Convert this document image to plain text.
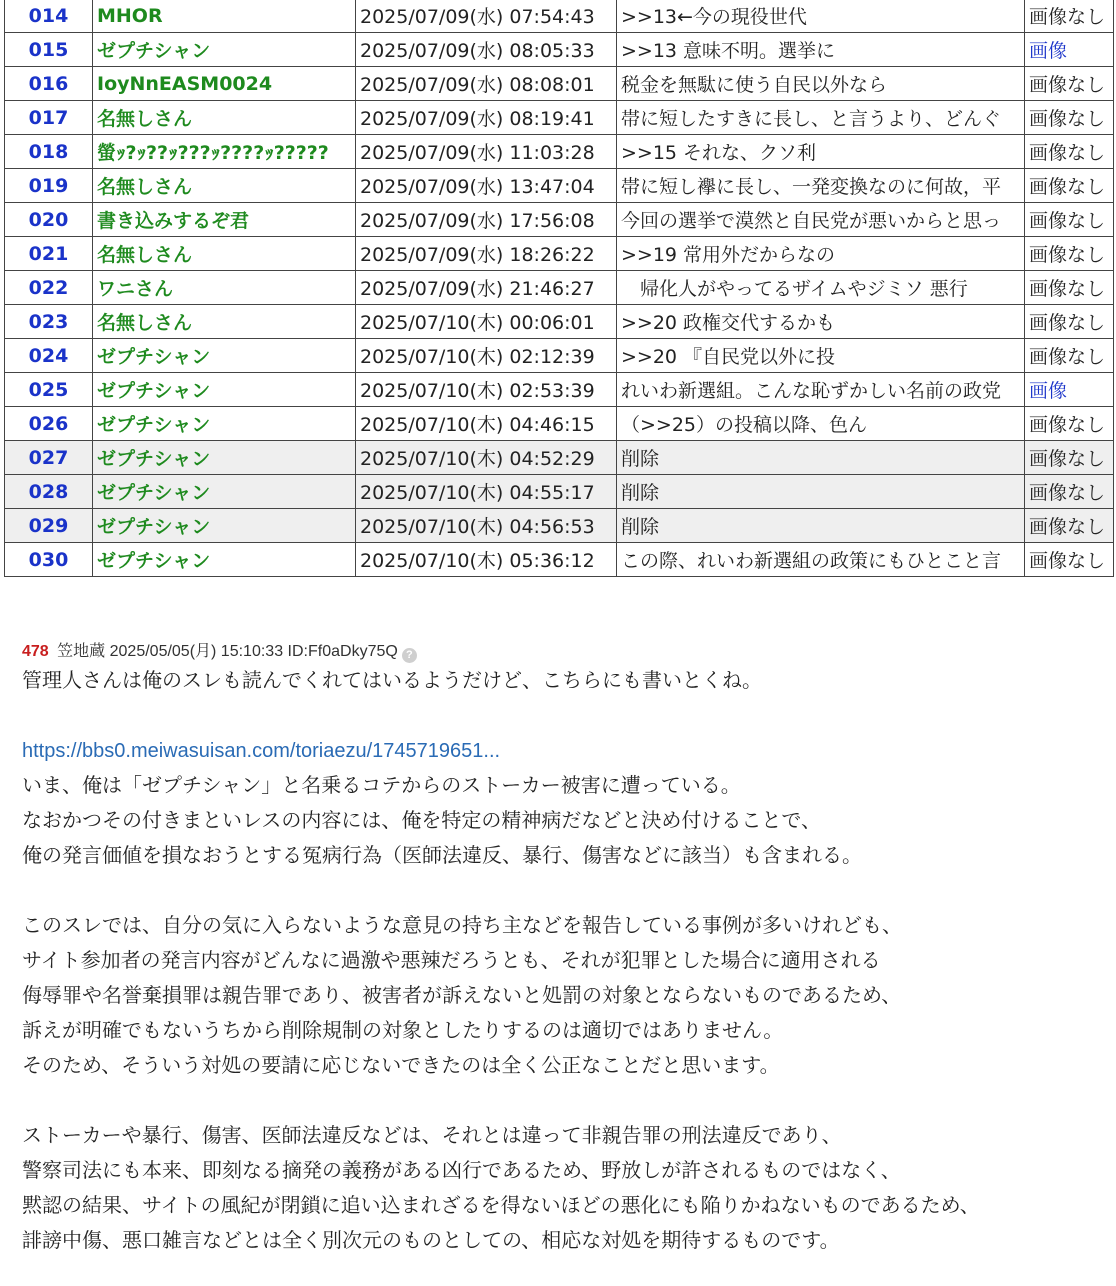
014	MHOR	2025/07/09(水) 07:54:43	>>13←今の現役世代	画像なし
015	ゼプチシャン	2025/07/09(水) 08:05:33	>>13 意味不明。選挙に	画像
016	IoyNnEASM0024	2025/07/09(水) 08:08:01	税金を無駄に使う自民以外なら	画像なし
017	名無しさん	2025/07/09(水) 08:19:41	帯に短したすきに長し、と言うより、どんぐ	画像なし
018	螢ｯ?ｯ??ｯ???ｯ????ｯ?????	2025/07/09(水) 11:03:28	>>15 それな、クソ利	画像なし
019	名無しさん	2025/07/09(水) 13:47:04	帯に短し襷に長し、一発変換なのに何故，平	画像なし
020	書き込みするぞ君	2025/07/09(水) 17:56:08	今回の選挙で漠然と自民党が悪いからと思っ	画像なし
021	名無しさん	2025/07/09(水) 18:26:22	>>19 常用外だからなの	画像なし
022	ワニさん	2025/07/09(水) 21:46:27	　帰化人がやってるザイムやジミソ 悪行	画像なし
023	名無しさん	2025/07/10(木) 00:06:01	>>20 政権交代するかも	画像なし
024	ゼプチシャン	2025/07/10(木) 02:12:39	>>20 『自民党以外に投	画像なし
025	ゼプチシャン	2025/07/10(木) 02:53:39	れいわ新選組。こんな恥ずかしい名前の政党	画像
026	ゼプチシャン	2025/07/10(木) 04:46:15	（>>25）の投稿以降、色ん	画像なし
027	ゼプチシャン	2025/07/10(木) 04:52:29	削除	画像なし
028	ゼプチシャン	2025/07/10(木) 04:55:17	削除	画像なし
029	ゼプチシャン	2025/07/10(木) 04:56:53	削除	画像なし
030	ゼプチシャン	2025/07/10(木) 05:36:12	この際、れいわ新選組の政策にもひとこと言	画像なし
478 笠地蔵 2025/05/05(月) 15:10:33 ID:Ff0aDky75Q ?
管理人さんは俺のスレも読んでくれてはいるようだけど、こちらにも書いとくね。
https://bbs0.meiwasuisan.com/toriaezu/1745719651...
いま、俺は「ゼプチシャン」と名乗るコテからのストーカー被害に遭っている。
なおかつその付きまといレスの内容には、俺を特定の精神病だなどと決め付けることで、
俺の発言価値を損なおうとする冤病行為（医師法違反、暴行、傷害などに該当）も含まれる。
このスレでは、自分の気に入らないような意見の持ち主などを報告している事例が多いけれども、
サイト参加者の発言内容がどんなに過激や悪辣だろうとも、それが犯罪とした場合に適用される
侮辱罪や名誉棄損罪は親告罪であり、被害者が訴えないと処罰の対象とならないものであるため、
訴えが明確でもないうちから削除規制の対象としたりするのは適切ではありません。
そのため、そういう対処の要請に応じないできたのは全く公正なことだと思います。
ストーカーや暴行、傷害、医師法違反などは、それとは違って非親告罪の刑法違反であり、
警察司法にも本来、即刻なる摘発の義務がある凶行であるため、野放しが許されるものではなく、
黙認の結果、サイトの風紀が閉鎖に追い込まれざるを得ないほどの悪化にも陥りかねないものであるため、
誹謗中傷、悪口雑言などとは全く別次元のものとしての、相応な対処を期待するものです。
